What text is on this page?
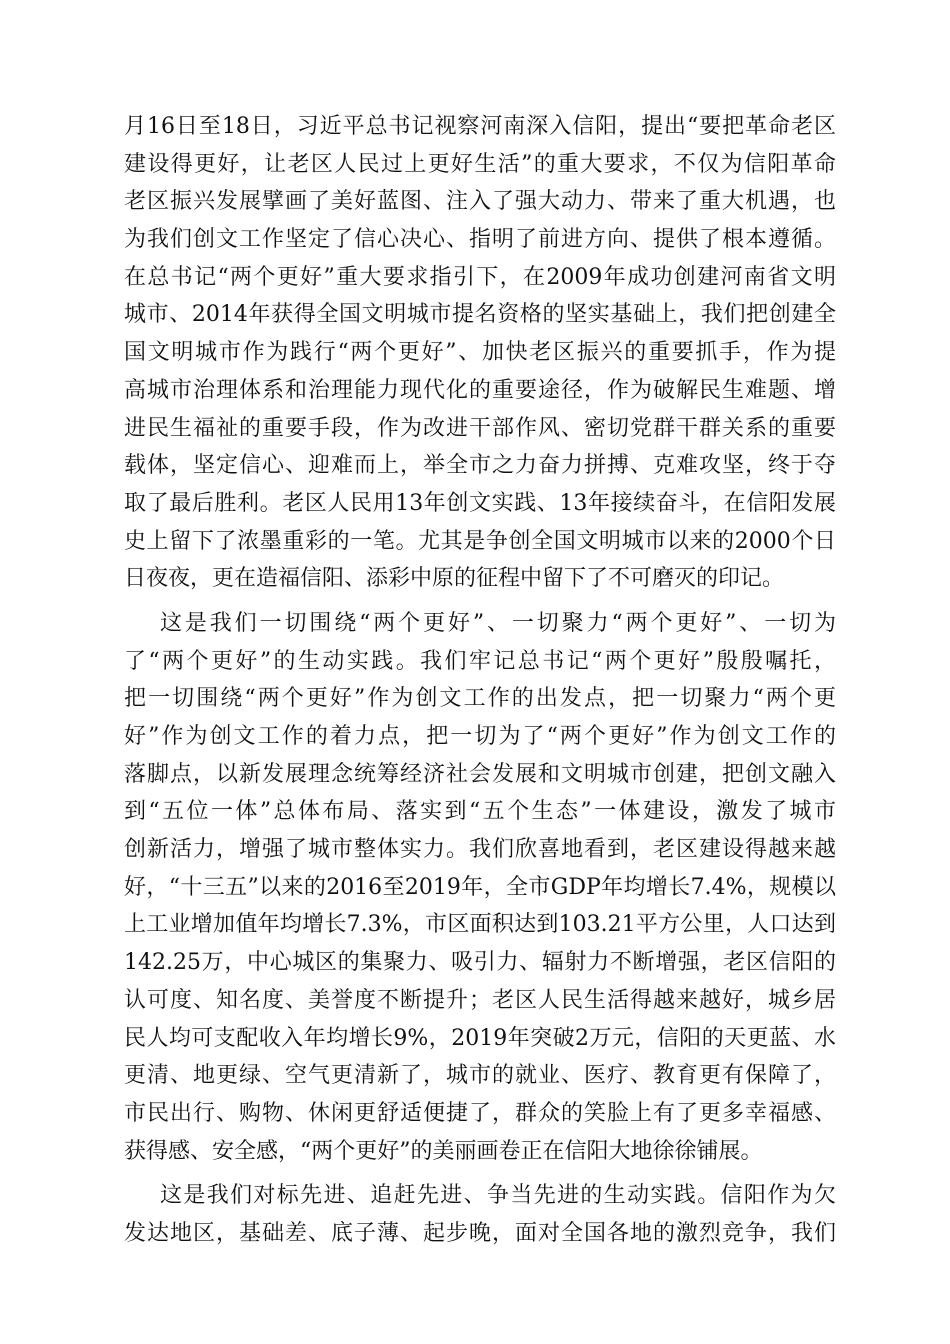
月16日至18日，习近平总书记视察河南深入信阳，提出“要把革命老区
建设得更好，让老区人民过上更好生活”的重大要求，不仅为信阳革命
老区振兴发展擘画了美好蓝图、注入了强大动力、带来了重大机遇，也
为我们创文工作坚定了信心决心、指明了前进方向、提供了根本遵循。
在总书记“两个更好”重大要求指引下，在2009年成功创建河南省文明
城市、2014年获得全国文明城市提名资格的坚实基础上，我们把创建全
国文明城市作为践行“两个更好”、加快老区振兴的重要抓手，作为提
高城市治理体系和治理能力现代化的重要途径，作为破解民生难题、增
进民生福祉的重要手段，作为改进干部作风、密切党群干群关系的重要
载体，坚定信心、迎难而上，举全市之力奋力拼搏、克难攻坚，终于夺
取了最后胜利。老区人民用13年创文实践、13年接续奋斗，在信阳发展
史上留下了浓墨重彩的一笔。尤其是争创全国文明城市以来的2000个日
日夜夜，更在造福信阳、添彩中原的征程中留下了不可磨灭的印记。
这是我们一切围绕“两个更好”、一切聚力“两个更好”、一切为
了“两个更好”的生动实践。我们牢记总书记“两个更好”殷殷嘱托，
把一切围绕“两个更好”作为创文工作的出发点，把一切聚力“两个更
好”作为创文工作的着力点，把一切为了“两个更好”作为创文工作的
落脚点，以新发展理念统筹经济社会发展和文明城市创建，把创文融入
到“五位一体”总体布局、落实到“五个生态”一体建设，激发了城市
创新活力，增强了城市整体实力。我们欣喜地看到，老区建设得越来越
好，“十三五”以来的2016至2019年，全市GDP年均增长7.4%，规模以
上工业增加值年均增长7.3%，市区面积达到103.21平方公里，人口达到
142.25万，中心城区的集聚力、吸引力、辐射力不断增强，老区信阳的
认可度、知名度、美誉度不断提升；老区人民生活得越来越好，城乡居
民人均可支配收入年均增长9%，2019年突破2万元，信阳的天更蓝、水
更清、地更绿、空气更清新了，城市的就业、医疗、教育更有保障了，
市民出行、购物、休闲更舒适便捷了，群众的笑脸上有了更多幸福感、
获得感、安全感，“两个更好”的美丽画卷正在信阳大地徐徐铺展。
这是我们对标先进、追赶先进、争当先进的生动实践。信阳作为欠
发达地区，基础差、底子薄、起步晚，面对全国各地的激烈竞争，我们
